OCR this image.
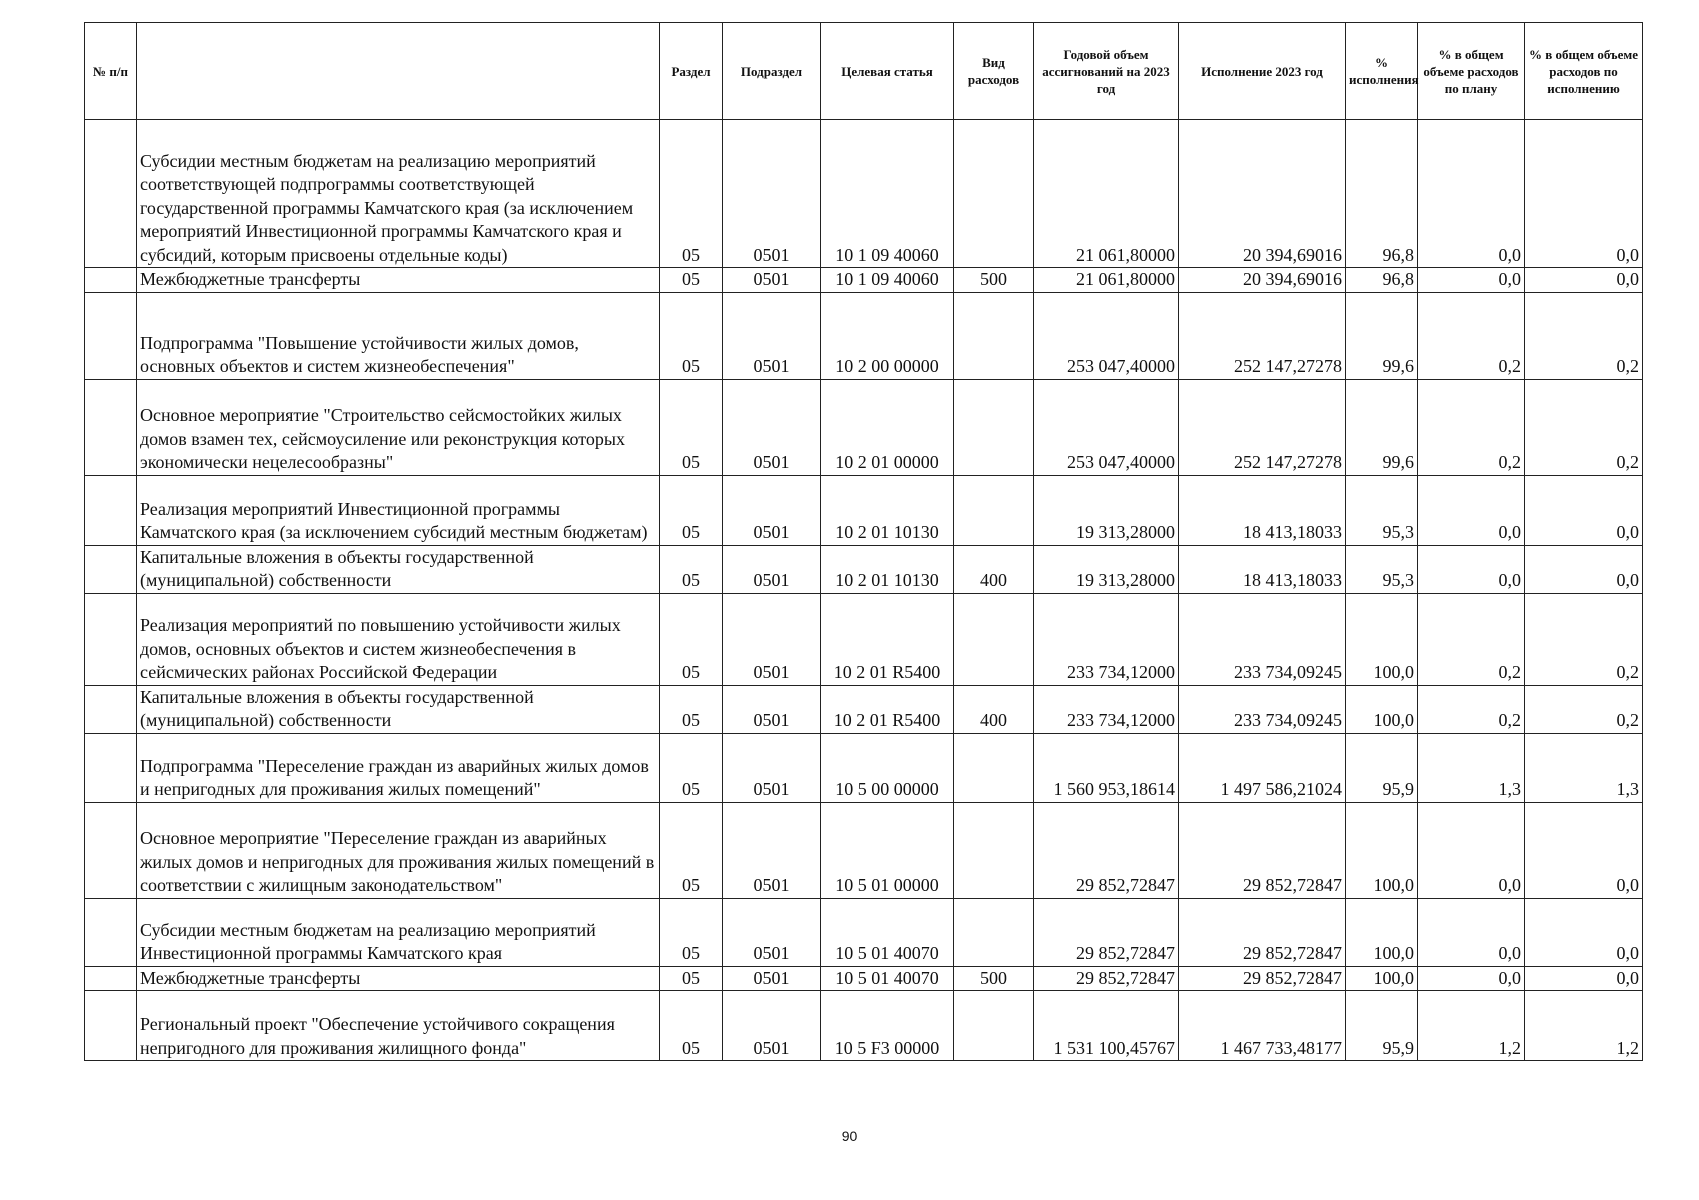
№ п/п		Раздел	Подраздел	Целевая статья	Вид расходов	Годовой объем ассигнований на 2023 год	Исполнение 2023 год	% исполнения	% в общем объеме расходов по плану	% в общем объеме расходов по исполнению
	Субсидии местным бюджетам на реализацию мероприятий соответствующей подпрограммы соответствующей государственной программы Камчатского края (за исключением мероприятий Инвестиционной программы Камчатского края и субсидий, которым присвоены отдельные коды)	05	0501	10 1 09 40060		21 061,80000	20 394,69016	96,8	0,0	0,0
	Межбюджетные трансферты	05	0501	10 1 09 40060	500	21 061,80000	20 394,69016	96,8	0,0	0,0
	Подпрограмма "Повышение устойчивости жилых домов, основных объектов и систем жизнеобеспечения"	05	0501	10 2 00 00000		253 047,40000	252 147,27278	99,6	0,2	0,2
	Основное мероприятие "Строительство сейсмостойких жилых домов взамен тех, сейсмоусиление или реконструкция которых экономически нецелесообразны"	05	0501	10 2 01 00000		253 047,40000	252 147,27278	99,6	0,2	0,2
	Реализация мероприятий Инвестиционной программы Камчатского края (за исключением субсидий местным бюджетам)	05	0501	10 2 01 10130		19 313,28000	18 413,18033	95,3	0,0	0,0
	Капитальные вложения в объекты государственной (муниципальной) собственности	05	0501	10 2 01 10130	400	19 313,28000	18 413,18033	95,3	0,0	0,0
	Реализация мероприятий по повышению устойчивости жилых домов, основных объектов и систем жизнеобеспечения в сейсмических районах Российской Федерации	05	0501	10 2 01 R5400		233 734,12000	233 734,09245	100,0	0,2	0,2
	Капитальные вложения в объекты государственной (муниципальной) собственности	05	0501	10 2 01 R5400	400	233 734,12000	233 734,09245	100,0	0,2	0,2
	Подпрограмма "Переселение граждан из аварийных жилых домов и непригодных для проживания жилых помещений"	05	0501	10 5 00 00000		1 560 953,18614	1 497 586,21024	95,9	1,3	1,3
	Основное мероприятие "Переселение граждан из аварийных жилых домов и непригодных для проживания жилых помещений в соответствии с жилищным законодательством"	05	0501	10 5 01 00000		29 852,72847	29 852,72847	100,0	0,0	0,0
	Субсидии местным бюджетам на реализацию мероприятий Инвестиционной программы Камчатского края	05	0501	10 5 01 40070		29 852,72847	29 852,72847	100,0	0,0	0,0
	Межбюджетные трансферты	05	0501	10 5 01 40070	500	29 852,72847	29 852,72847	100,0	0,0	0,0
	Региональный проект "Обеспечение устойчивого сокращения непригодного для проживания жилищного фонда"	05	0501	10 5 F3 00000		1 531 100,45767	1 467 733,48177	95,9	1,2	1,2
90
